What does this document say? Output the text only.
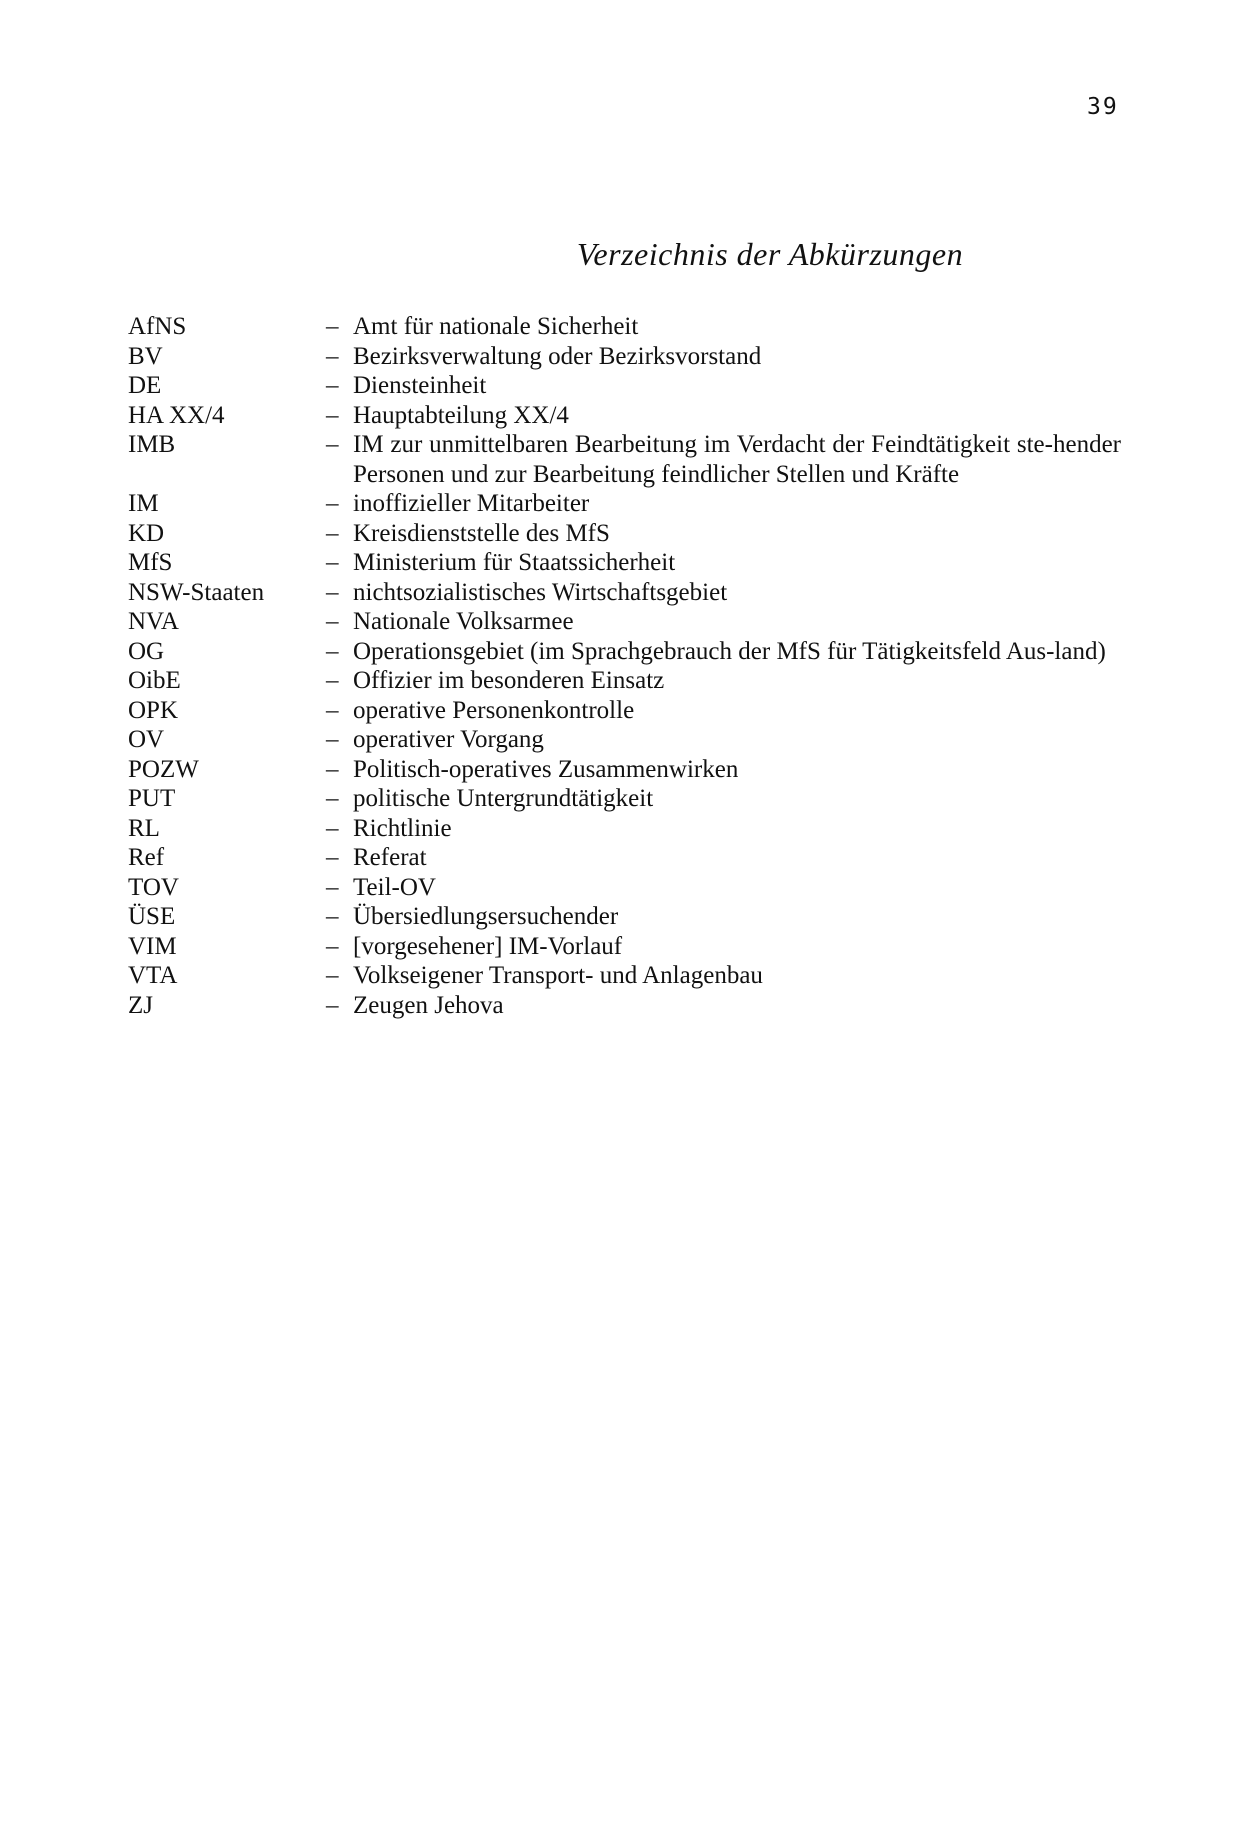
39
Verzeichnis der Abkürzungen
AfNS	– Amt für nationale Sicherheit
BV	– Bezirksverwaltung oder Bezirksvorstand
DE	– Diensteinheit
HA XX/4	– Hauptabteilung XX/4
IMB	– IM zur unmittelbaren Bearbeitung im Verdacht der Feindtätigkeit ste-hender Personen und zur Bearbeitung feindlicher Stellen und Kräfte
IM	– inoffizieller Mitarbeiter
KD	– Kreisdienststelle des MfS
MfS	– Ministerium für Staatssicherheit
NSW-Staaten – nichtsozialistisches Wirtschaftsgebiet
NVA	– Nationale Volksarmee
OG	– Operationsgebiet (im Sprachgebrauch der MfS für Tätigkeitsfeld Aus-land)
OibE	– Offizier im besonderen Einsatz
OPK	– operative Personenkontrolle
OV	– operativer Vorgang
POZW	– Politisch-operatives Zusammenwirken
PUT	– politische Untergrundtätigkeit
RL	– Richtlinie
Ref	– Referat
TOV	– Teil-OV
ÜSE	– Übersiedlungsersuchender
VIM	– [vorgesehener] IM-Vorlauf
VTA	– Volkseigener Transport- und Anlagenbau
ZJ	– Zeugen Jehova
